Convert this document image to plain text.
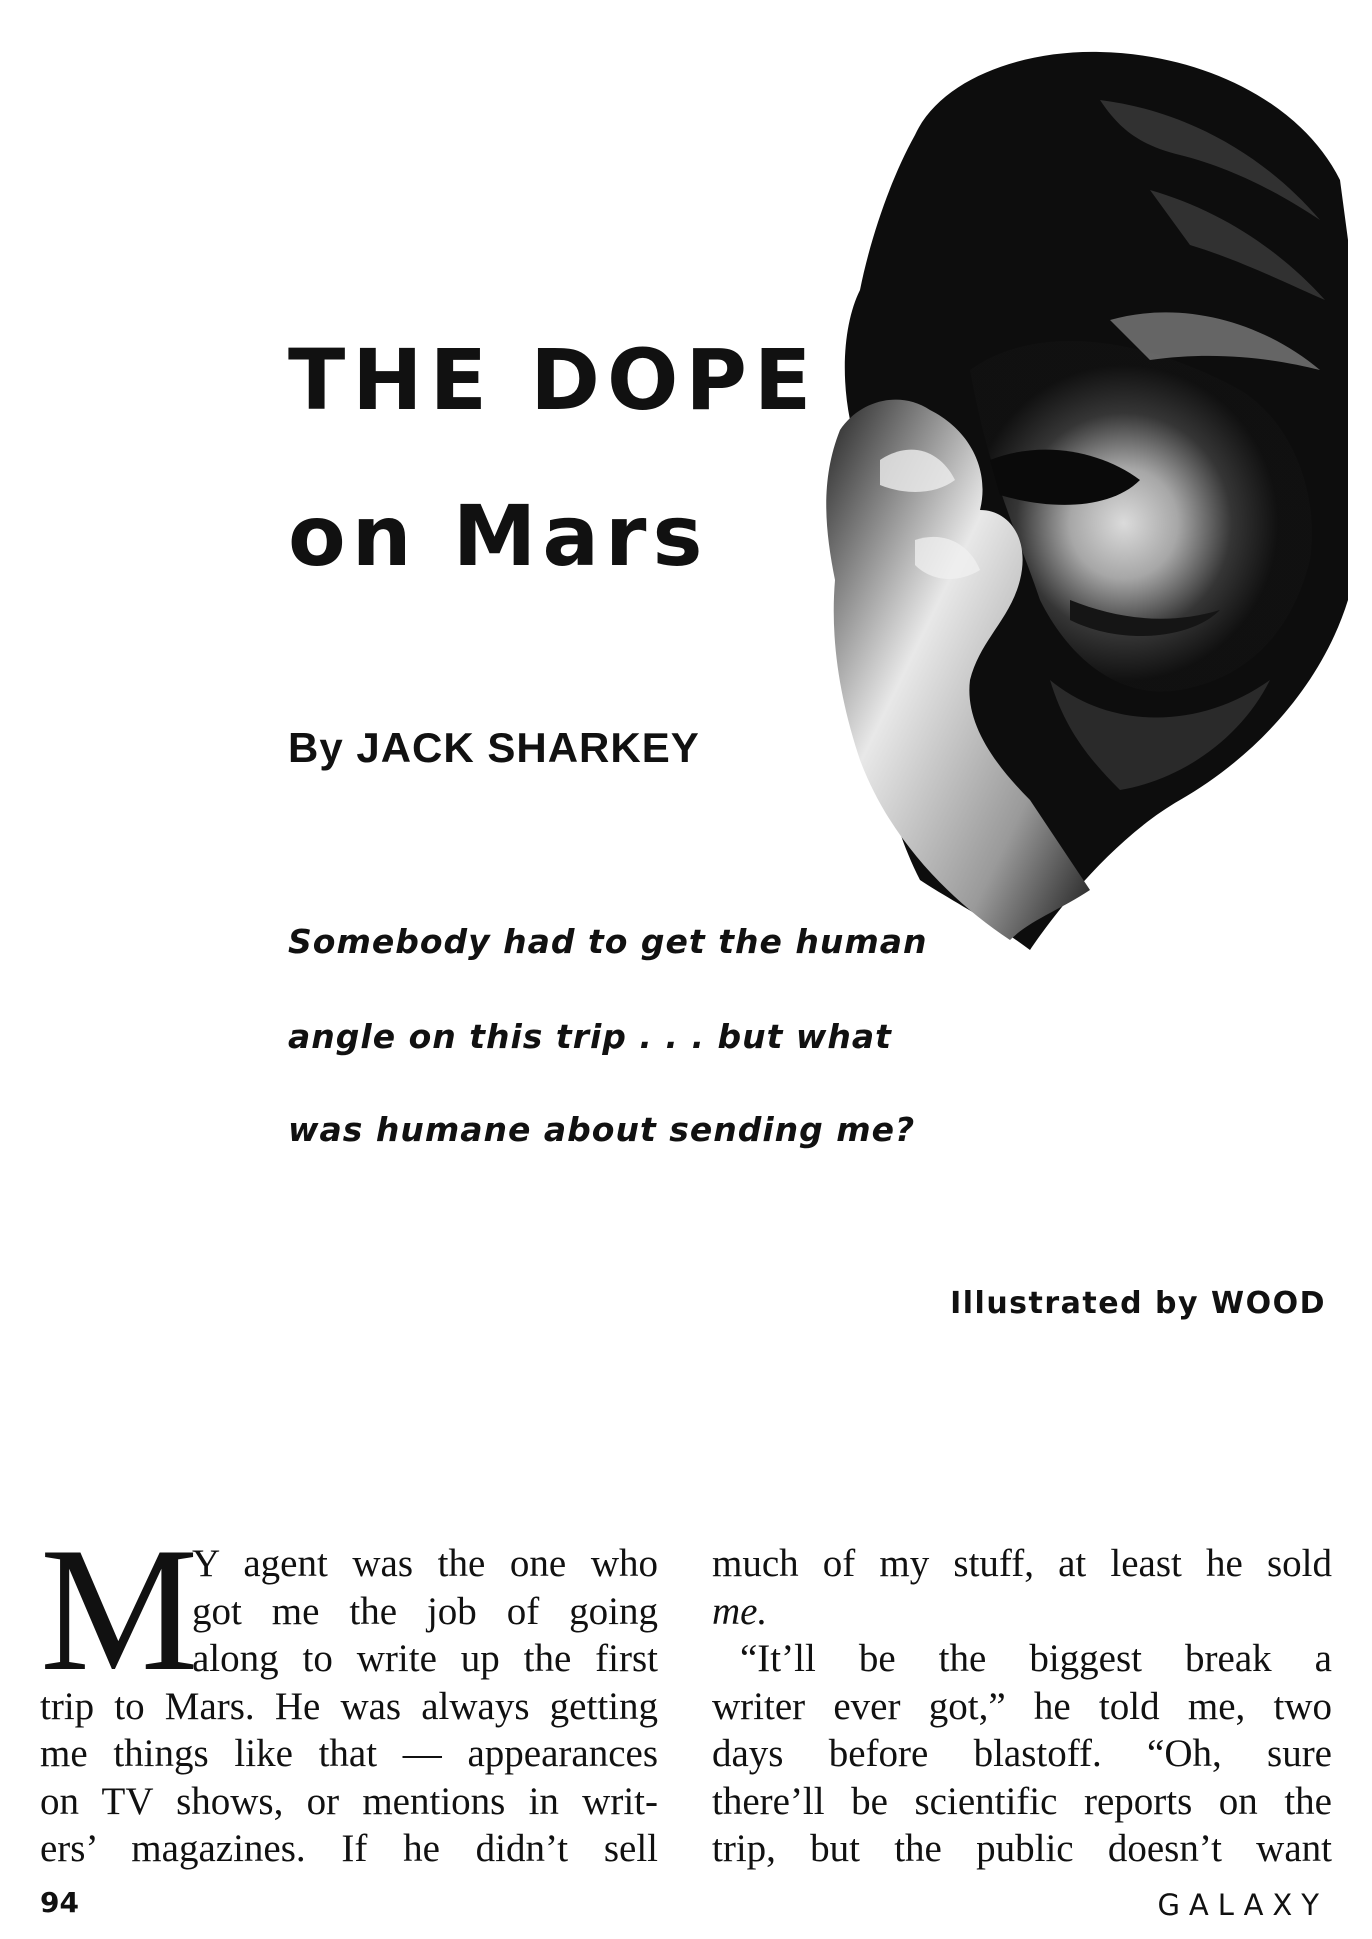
THE DOPE
on Mars
By JACK SHARKEY
Somebody had to get the human
angle on this trip . . . but what
was humane about sending me?
Illustrated by WOOD
M
Y agent was the one who
got me the job of going
along to write up the first
trip to Mars. He was always getting
me things like that — appearances
on TV shows, or mentions in writ-
ers’ magazines. If he didn’t sell
much of my stuff, at least he sold
me.
“It’ll be the biggest break a
writer ever got,” he told me, two
days before blastoff. “Oh, sure
there’ll be scientific reports on the
trip, but the public doesn’t want
94	GALAXY
